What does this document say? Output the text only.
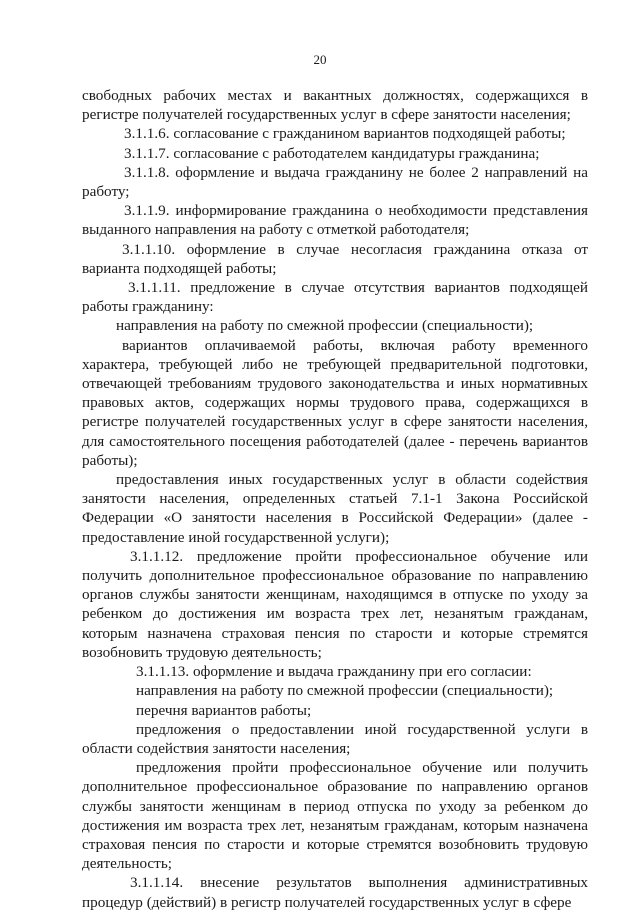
20

свободных рабочих местах и вакантных должностях, содержащихся в регистре получателей государственных услуг в сфере занятости населения;

3.1.1.6. согласование с гражданином вариантов подходящей работы;

3.1.1.7. согласование с работодателем кандидатуры гражданина;

3.1.1.8. оформление и выдача гражданину не более 2 направлений на работу;

3.1.1.9. информирование гражданина о необходимости представления выданного направления на работу с отметкой работодателя;

3.1.1.10. оформление в случае несогласия гражданина отказа от варианта подходящей работы;

3.1.1.11. предложение в случае отсутствия вариантов подходящей работы гражданину:

направления на работу по смежной профессии (специальности);

вариантов оплачиваемой работы, включая работу временного характера, требующей либо не требующей предварительной подготовки, отвечающей требованиям трудового законодательства и иных нормативных правовых актов, содержащих нормы трудового права, содержащихся в регистре получателей государственных услуг в сфере занятости населения, для самостоятельного посещения работодателей (далее - перечень вариантов работы);

предоставления иных государственных услуг в области содействия занятости населения, определенных статьей 7.1-1 Закона Российской Федерации «О занятости населения в Российской Федерации» (далее - предоставление иной государственной услуги);

3.1.1.12. предложение пройти профессиональное обучение или получить дополнительное профессиональное образование по направлению органов службы занятости женщинам, находящимся в отпуске по уходу за ребенком до достижения им возраста трех лет, незанятым гражданам, которым назначена страховая пенсия по старости и которые стремятся возобновить трудовую деятельность;

3.1.1.13. оформление и выдача гражданину при его согласии:

направления на работу по смежной профессии (специальности);

перечня вариантов работы;

предложения о предоставлении иной государственной услуги в области содействия занятости населения;

предложения пройти профессиональное обучение или получить дополнительное профессиональное образование по направлению органов службы занятости женщинам в период отпуска по уходу за ребенком до достижения им возраста трех лет, незанятым гражданам, которым назначена страховая пенсия по старости и которые стремятся возобновить трудовую деятельность;

3.1.1.14. внесение результатов выполнения административных процедур (действий) в регистр получателей государственных услуг в сфере
